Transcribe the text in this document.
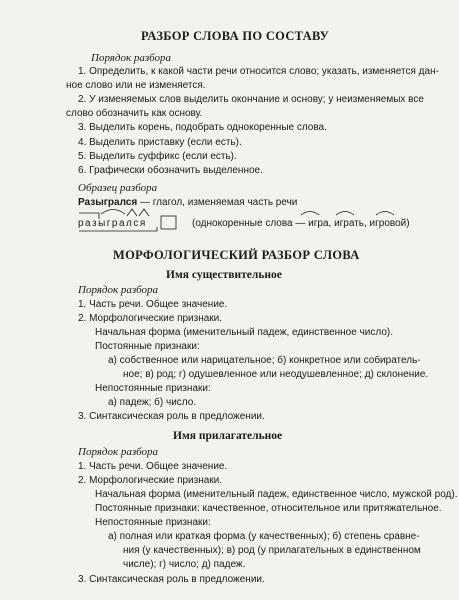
РАЗБОР СЛОВА ПО СОСТАВУ
Порядок разбора
1. Определить, к какой части речи относится слово; указать, изменяется дан-
ное слово или не изменяется.
2. У изменяемых слов выделить окончание и основу; у неизменяемых все
слово обозначить как основу.
3. Выделить корень, подобрать однокоренные слова.
4. Выделить приставку (если есть).
5. Выделить суффикс (если есть).
6. Графически обозначить выделенное.
Образец разбора
Разыгрался — глагол, изменяемая часть речи
разыгрался	(однокоренные слова — игра, играть, игровой)
МОРФОЛОГИЧЕСКИЙ РАЗБОР СЛОВА
Имя существительное
Порядок разбора
1. Часть речи. Общее значение.
2. Морфологические признаки.
Начальная форма (именительный падеж, единственное число).
Постоянные признаки:
а) собственное или нарицательное; б) конкретное или собиратель-
ное; в) род; г) одушевленное или неодушевленное; д) склонение.
Непостоянные признаки:
а) падеж; б) число.
3. Синтаксическая роль в предложении.
Имя прилагательное
Порядок разбора
1. Часть речи. Общее значение.
2. Морфологические признаки.
Начальная форма (именительный падеж, единственное число, мужской род).
Постоянные признаки: качественное, относительное или притяжательное.
Непостоянные признаки:
а) полная или краткая форма (у качественных); б) степень сравне-
ния (у качественных); в) род (у прилагательных в единственном
числе); г) число; д) падеж.
3. Синтаксическая роль в предложении.
